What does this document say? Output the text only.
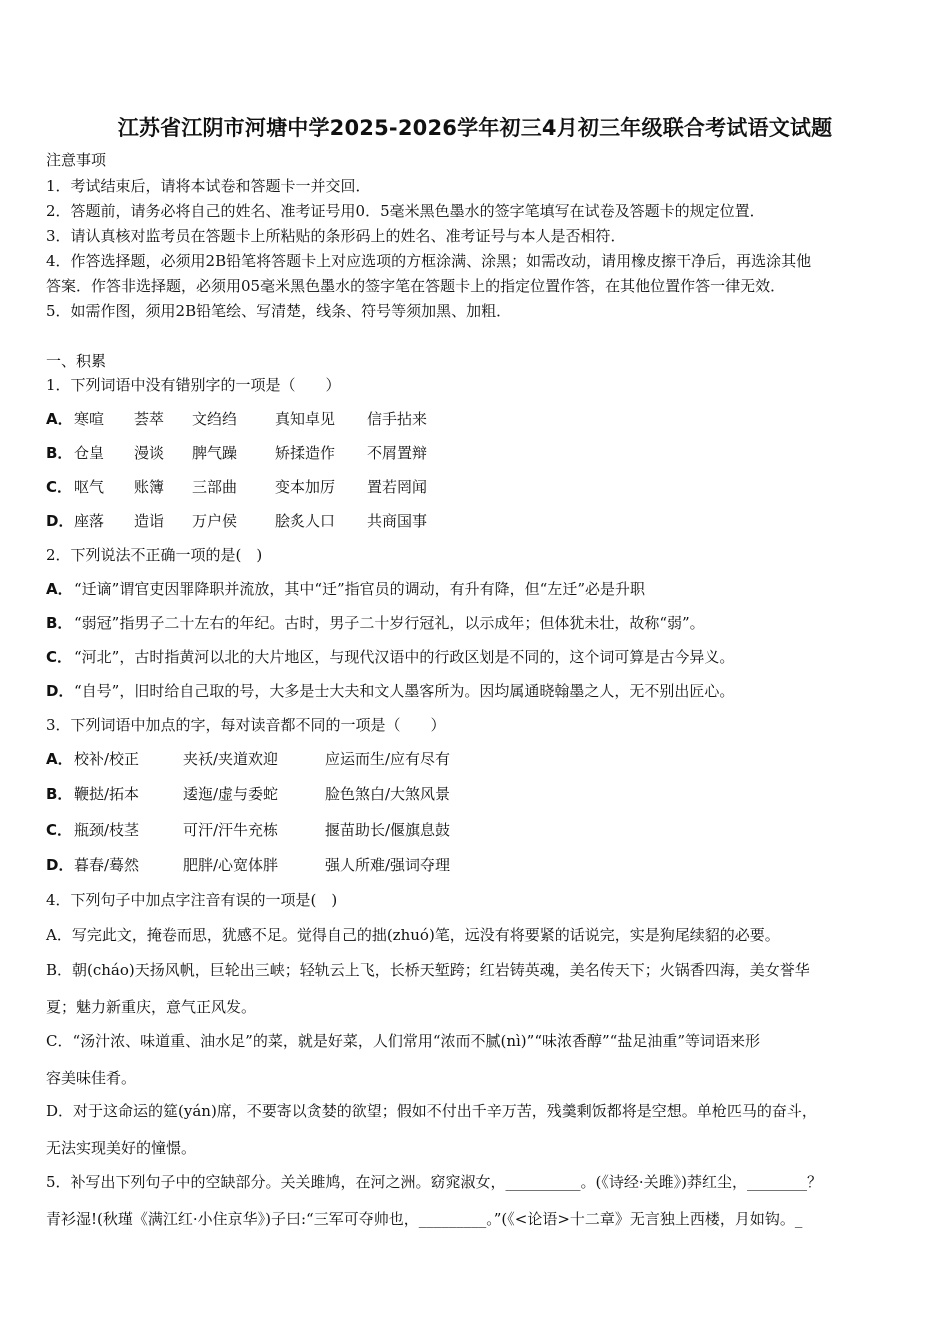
江苏省江阴市河塘中学2025-2026学年初三4月初三年级联合考试语文试题
注意事项
1．考试结束后，请将本试卷和答题卡一并交回．
2．答题前，请务必将自己的姓名、准考证号用0．5毫米黑色墨水的签字笔填写在试卷及答题卡的规定位置．
3．请认真核对监考员在答题卡上所粘贴的条形码上的姓名、准考证号与本人是否相符．
4．作答选择题，必须用2B铅笔将答题卡上对应选项的方框涂满、涂黑；如需改动，请用橡皮擦干净后，再选涂其他
答案．作答非选择题，必须用05毫米黑色墨水的签字笔在答题卡上的指定位置作答，在其他位置作答一律无效．
5．如需作图，须用2B铅笔绘、写清楚，线条、符号等须加黑、加粗．
一、积累
1．下列词语中没有错别字的一项是（　　）
A． 寒喧 荟萃 文绉绉	真知卓见 信手拈来
B． 仓皇 漫谈 脾气躁	矫揉造作 不屑置辩
C． 呕气 账簿 三部曲	变本加厉 置若罔闻
D． 座落 造诣 万户侯	脍炙人口 共商国事
2．下列说法不正确一项的是(　)
A． “迁谪”谓官吏因罪降职并流放，其中“迁”指官员的调动，有升有降，但“左迁”必是升职
B． “弱冠”指男子二十左右的年纪。古时，男子二十岁行冠礼，以示成年；但体犹未壮，故称“弱”。
C． “河北”，古时指黄河以北的大片地区，与现代汉语中的行政区划是不同的，这个词可算是古今异义。
D． “自号”，旧时给自己取的号，大多是士大夫和文人墨客所为。因均属通晓翰墨之人，无不别出匠心。
3．下列词语中加点的字，每对读音都不同的一项是（　　）
A． 校补/校正	夹袄/夹道欢迎	应运而生/应有尽有
B． 鞭挞/拓本	逶迤/虚与委蛇	脸色煞白/大煞风景
C． 瓶颈/枝茎	可汗/汗牛充栋	揠苗助长/偃旗息鼓
D． 暮春/蓦然	肥胖/心宽体胖	强人所难/强词夺理
4．下列句子中加点字注音有误的一项是(　)
A．写完此文，掩卷而思，犹感不足。觉得自己的拙(zhuó)笔，远没有将要紧的话说完，实是狗尾续貂的必要。
B．朝(cháo)天扬风帆，巨轮出三峡；轻轨云上飞，长桥天堑跨；红岩铸英魂，美名传天下；火锅香四海，美女誉华
夏；魅力新重庆，意气正风发。
C．“汤汁浓、味道重、油水足”的菜，就是好菜，人们常用“浓而不腻(nì)”“味浓香醇”“盐足油重”等词语来形
容美味佳肴。
D．对于这命运的筵(yán)席，不要寄以贪婪的欲望；假如不付出千辛万苦，残羹剩饭都将是空想。单枪匹马的奋斗，
无法实现美好的憧憬。
5．补写出下列句子中的空缺部分。关关雎鸠，在河之洲。窈窕淑女，__________。(《诗经·关雎》)莽红尘，________？
青衫湿!(秋瑾《满江红·小住京华》)子曰:“三军可夺帅也，_________。”(《<论语>十二章》无言独上西楼，月如钩。_
